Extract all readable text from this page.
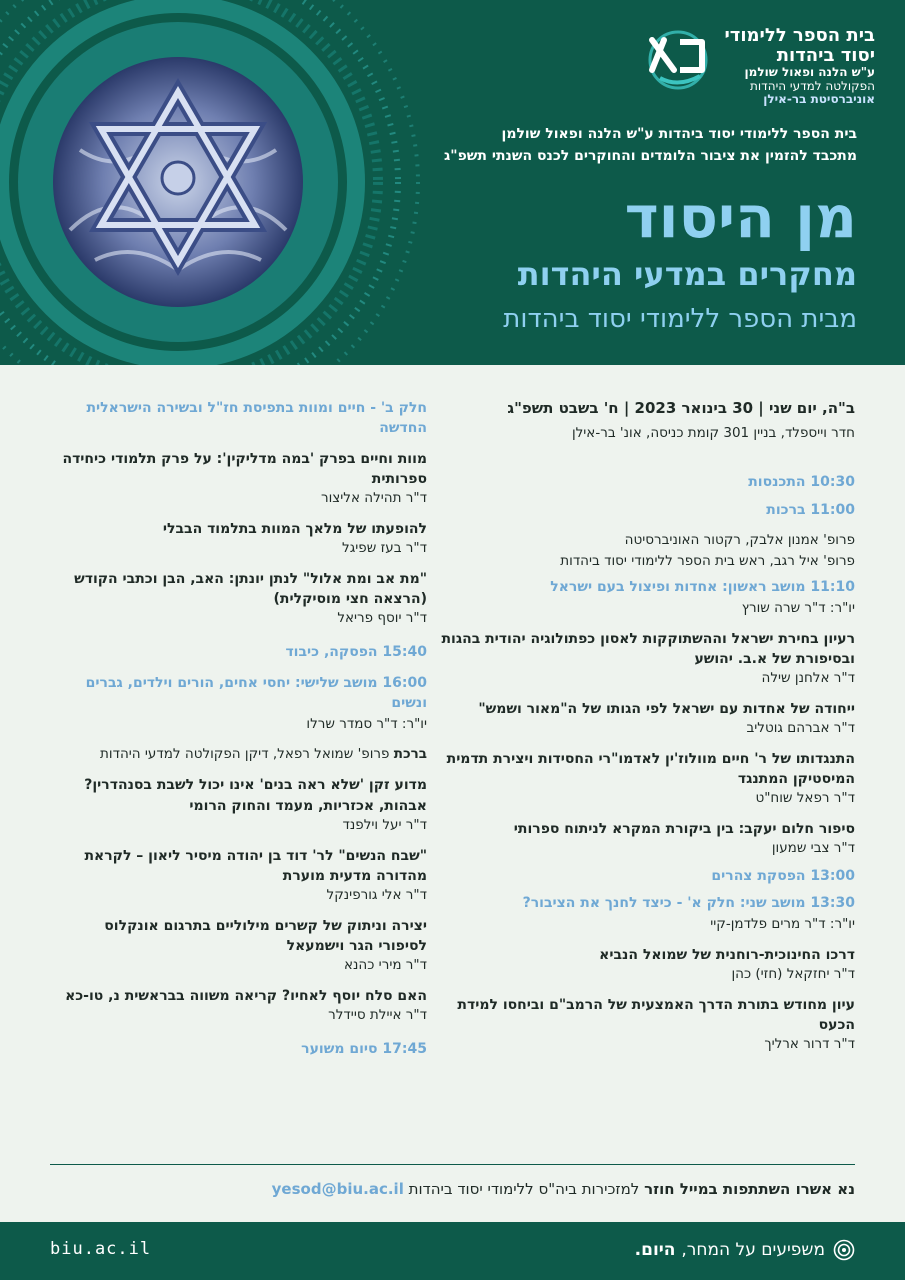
בית הספר ללימודי
יסוד ביהדות
ע"ש הלנה ופאול שולמן
הפקולטה למדעי היהדות
אוניברסיטת בר-אילן
בית הספר ללימודי יסוד ביהדות ע"ש הלנה ופאול שולמן
מתכבד להזמין את ציבור הלומדים והחוקרים לכנס השנתי תשפ"ג
מן היסוד
מחקרים במדעי היהדות
מבית הספר ללימודי יסוד ביהדות
ב"ה, יום שני | 30 בינואר 2023 | ח' בשבט תשפ"ג
חדר וייספלד, בניין 301 קומת כניסה, אונ' בר-אילן
10:30 התכנסות
11:00 ברכות
פרופ' אמנון אלבק, רקטור האוניברסיטה
פרופ' איל רגב, ראש בית הספר ללימודי יסוד ביהדות
11:10 מושב ראשון: אחדות ופיצול בעם ישראל
יו"ר: ד"ר שרה שורץ
רעיון בחירת ישראל וההשתוקקות לאסון כפתולוגיה יהודית בהגות ובסיפורת של א.ב. יהושע
ד"ר אלחנן שילה
ייחודה של אחדות עם ישראל לפי הגותו של ה"מאור ושמש"
ד"ר אברהם גוטליב
התנגדותו של ר' חיים מוולוז'ין לאדמו"רי החסידות ויצירת תדמית המיסטיקן המתנגד
ד"ר רפאל שוח"ט
סיפור חלום יעקב: בין ביקורת המקרא לניתוח ספרותי
ד"ר צבי שמעון
13:00 הפסקת צהרים
13:30 מושב שני: חלק א' - כיצד לחנך את הציבור?
יו"ר: ד"ר מרים פלדמן-קיי
דרכו החינוכית-רוחנית של שמואל הנביא
ד"ר יחזקאל (חזי) כהן
עיון מחודש בתורת הדרך האמצעית של הרמב"ם וביחסו למידת הכעס
ד"ר דרור ארליך
חלק ב' - חיים ומוות בתפיסת חז"ל ובשירה הישראלית החדשה
מוות וחיים בפרק 'במה מדליקין': על פרק תלמודי כיחידה ספרותית
ד"ר תהילה אליצור
להופעתו של מלאך המוות בתלמוד הבבלי
ד"ר בעז שפיגל
"מת אב ומת אלול" לנתן יונתן: האב, הבן וכתבי הקודש (הרצאה חצי מוסיקלית)
ד"ר יוסף פריאל
15:40 הפסקה, כיבוד
16:00 מושב שלישי: יחסי אחים, הורים וילדים, גברים ונשים
יו"ר: ד"ר סמדר שרלו
ברכת פרופ' שמואל רפאל, דיקן הפקולטה למדעי היהדות
מדוע זקן 'שלא ראה בנים' אינו יכול לשבת בסנהדרין? אבהות, אכזריות, מעמד והחוק הרומי
ד"ר יעל וילפנד
"שבח הנשים" לר' דוד בן יהודה מיסיר ליאון – לקראת מהדורה מדעית מוערת
ד"ר אלי גורפינקל
יצירה וניתוק של קשרים מילוליים בתרגום אונקלוס לסיפורי הגר וישמעאל
ד"ר מירי כהנא
האם סלח יוסף לאחיו? קריאה משווה בבראשית נ, טו-כא
ד"ר איילת סיידלר
17:45 סיום משוער
נא אשרו השתתפות במייל חוזר למזכירות ביה"ס ללימודי יסוד ביהדות yesod@biu.ac.il
משפיעים על המחר, היום.
biu.ac.il
